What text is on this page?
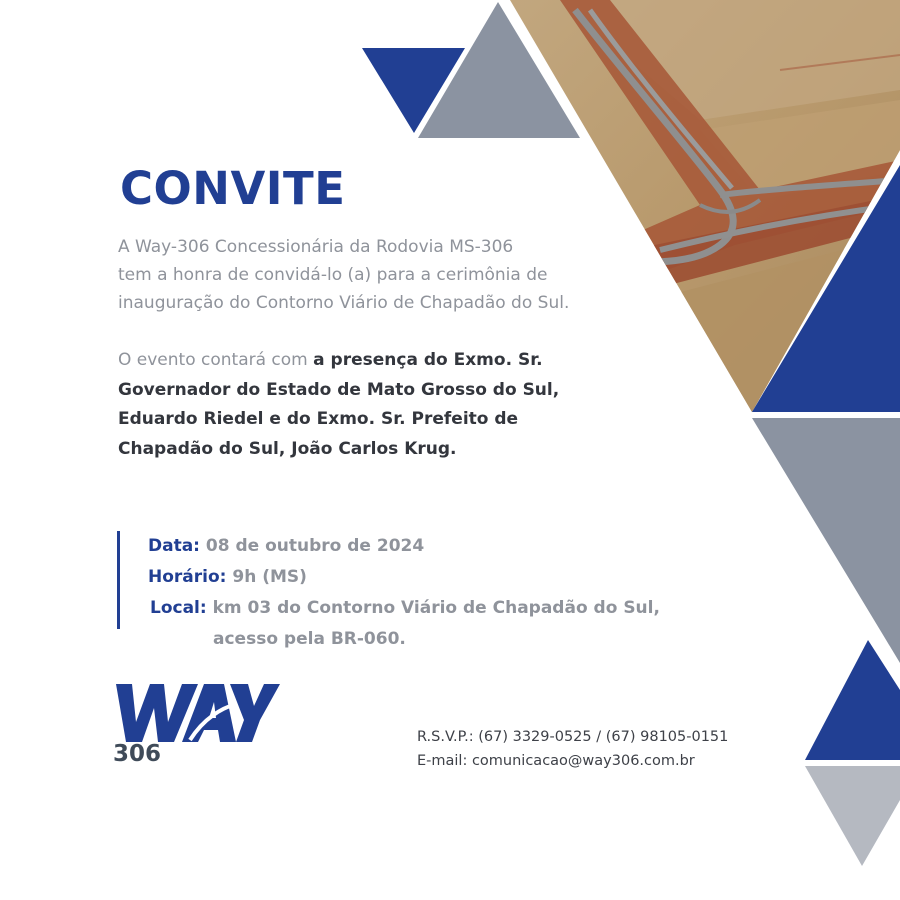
CONVITE
A Way-306 Concessionária da Rodovia MS-306
tem a honra de convidá-lo (a) para a cerimônia de
inauguração do Contorno Viário de Chapadão do Sul.
O evento contará com a presença do Exmo. Sr.
Governador do Estado de Mato Grosso do Sul,
Eduardo Riedel e do Exmo. Sr. Prefeito de
Chapadão do Sul, João Carlos Krug.
Data: 08 de outubro de 2024
Horário: 9h (MS)
Local: km 03 do Contorno Viário de Chapadão do Sul,
acesso pela BR-060.
306
R.S.V.P.: (67) 3329-0525 / (67) 98105-0151
E-mail: comunicacao@way306.com.br
